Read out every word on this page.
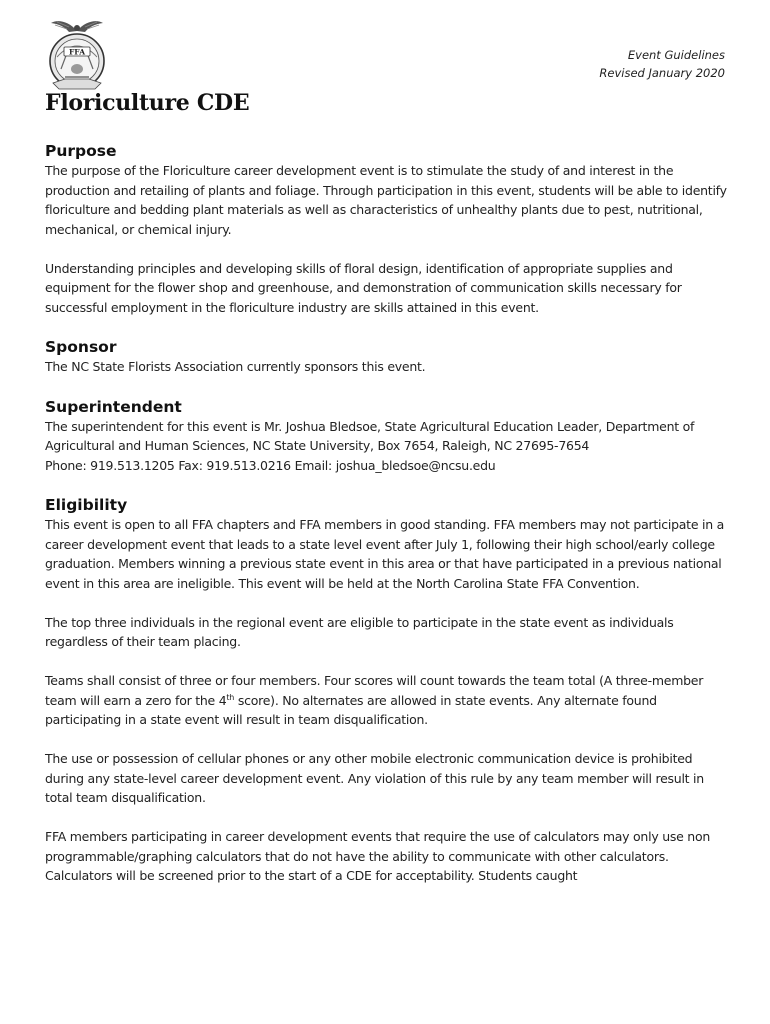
FFA	Event Guidelines
Revised January 2020
Floriculture CDE
Purpose

The purpose of the Floriculture career development event is to stimulate the study of and interest in the production and retailing of plants and foliage. Through participation in this event, students will be able to identify floriculture and bedding plant materials as well as characteristics of unhealthy plants due to pest, nutritional, mechanical, or chemical injury.

Understanding principles and developing skills of floral design, identification of appropriate supplies and equipment for the flower shop and greenhouse, and demonstration of communication skills necessary for successful employment in the floriculture industry are skills attained in this event.

Sponsor

The NC State Florists Association currently sponsors this event.

Superintendent

The superintendent for this event is Mr. Joshua Bledsoe, State Agricultural Education Leader, Department of Agricultural and Human Sciences, NC State University, Box 7654, Raleigh, NC 27695-7654

Phone: 919.513.1205 Fax: 919.513.0216 Email: joshua_bledsoe@ncsu.edu

Eligibility

This event is open to all FFA chapters and FFA members in good standing. FFA members may not participate in a career development event that leads to a state level event after July 1, following their high school/early college graduation. Members winning a previous state event in this area or that have participated in a previous national event in this area are ineligible. This event will be held at the North Carolina State FFA Convention.

The top three individuals in the regional event are eligible to participate in the state event as individuals regardless of their team placing.

Teams shall consist of three or four members. Four scores will count towards the team total (A three-member team will earn a zero for the 4th score). No alternates are allowed in state events. Any alternate found participating in a state event will result in team disqualification.

The use or possession of cellular phones or any other mobile electronic communication device is prohibited during any state-level career development event. Any violation of this rule by any team member will result in total team disqualification.

FFA members participating in career development events that require the use of calculators may only use non programmable/graphing calculators that do not have the ability to communicate with other calculators. Calculators will be screened prior to the start of a CDE for acceptability. Students caught
